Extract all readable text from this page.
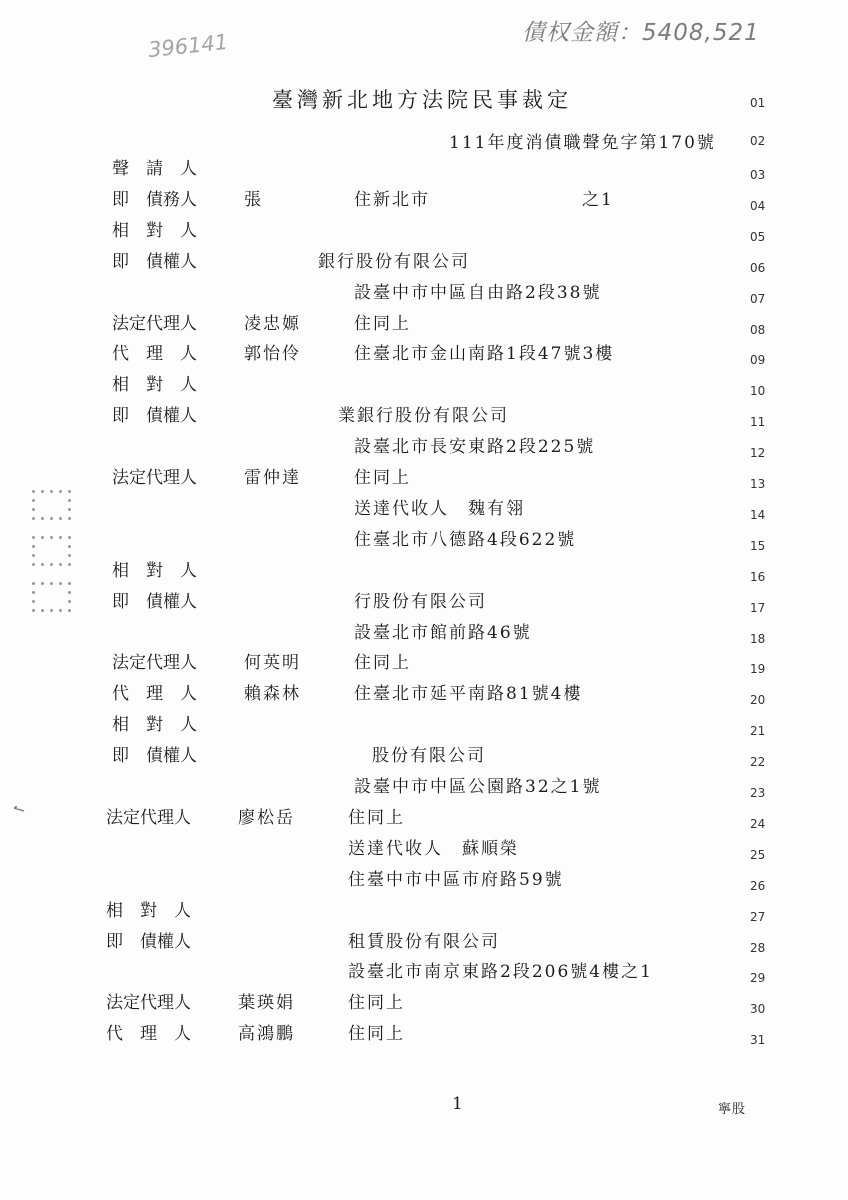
債权金額：5408,521
396141
臺灣新北地方法院民事裁定	01
111年度消債職聲免字第170號	02
聲　請　人	03
即　債務人	張	住新北市　　　　　　　　之1	04
相　對　人	05
即　債權人	銀行股份有限公司	06
設臺中市中區自由路2段38號	07
法定代理人	凌忠嫄	住同上	08
代　理　人	郭怡伶	住臺北市金山南路1段47號3樓	09
相　對　人	10
即　債權人	業銀行股份有限公司	11
設臺北市長安東路2段225號	12
法定代理人	雷仲達	住同上	13
送達代收人　魏有翎	14
住臺北市八德路4段622號	15
相　對　人	16
即　債權人	行股份有限公司	17
設臺北市館前路46號	18
法定代理人	何英明	住同上	19
代　理　人	賴森林	住臺北市延平南路81號4樓	20
相　對　人	21
即　債權人	股份有限公司	22
設臺中市中區公園路32之1號	23
法定代理人	廖松岳	住同上	24
送達代收人　蘇順榮	25
住臺中市中區市府路59號	26
相　對　人	27
即　債權人	租賃股份有限公司	28
設臺北市南京東路2段206號4樓之1	29
法定代理人	葉瑛娟	住同上	30
代　理　人	高鴻鵬	住同上	31
✓
1	寧股
